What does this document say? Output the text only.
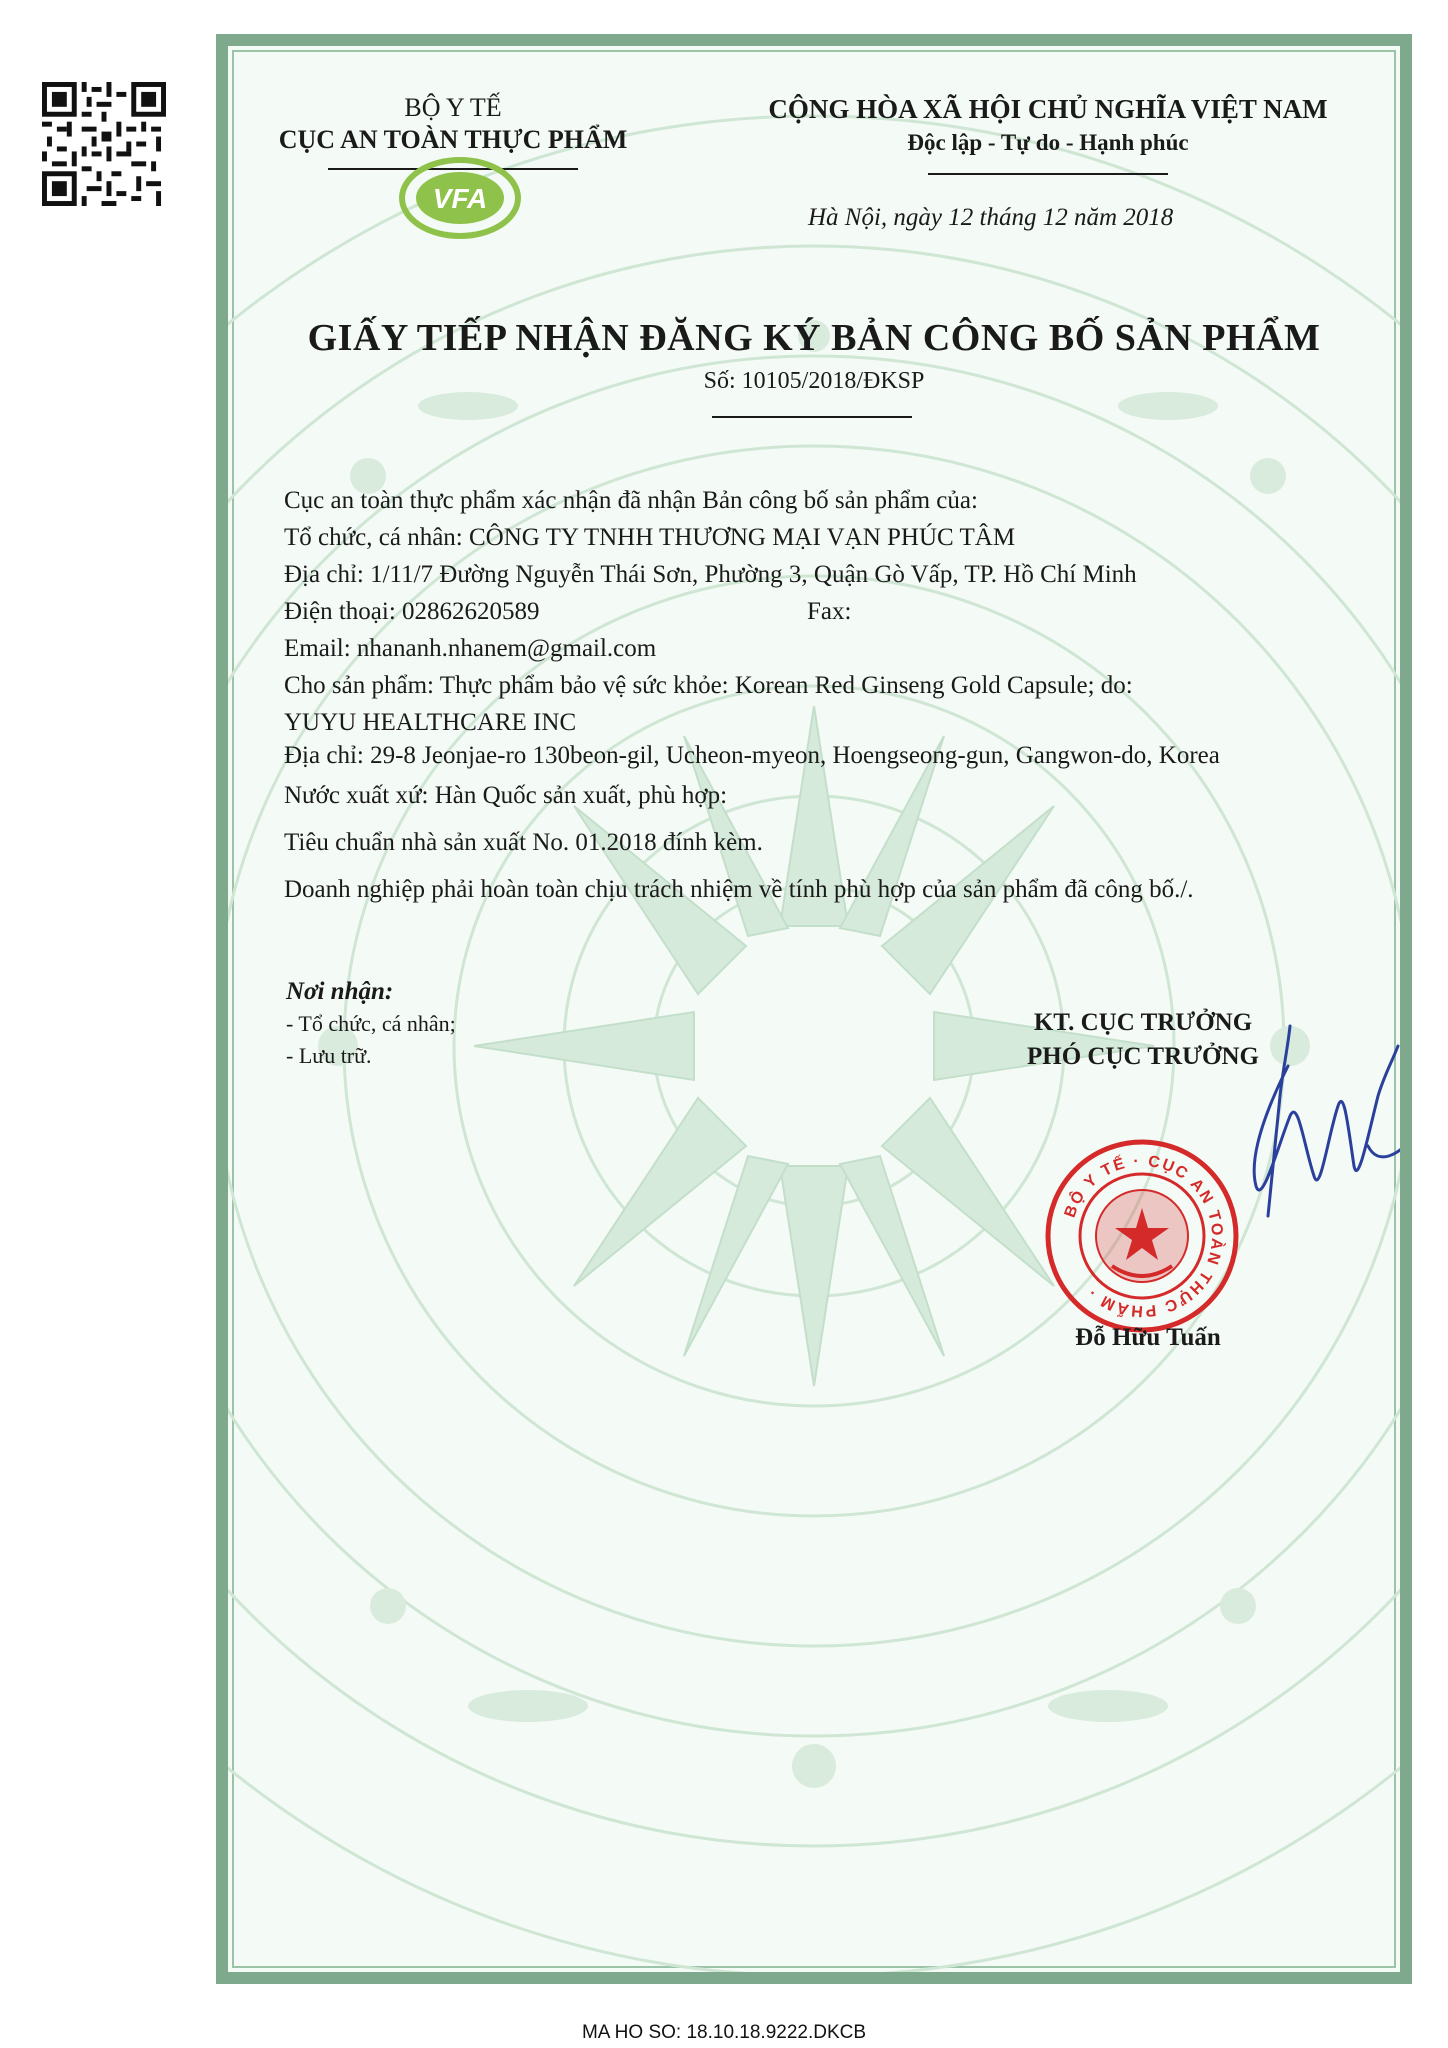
BỘ Y TẾ
CỤC AN TOÀN THỰC PHẨM
VFA
CỘNG HÒA XÃ HỘI CHỦ NGHĨA VIỆT NAM
Độc lập - Tự do - Hạnh phúc
Hà Nội, ngày 12 tháng 12 năm 2018
GIẤY TIẾP NHẬN ĐĂNG KÝ BẢN CÔNG BỐ SẢN PHẨM
Số: 10105/2018/ĐKSP
Cục an toàn thực phẩm xác nhận đã nhận Bản công bố sản phẩm của:
Tổ chức, cá nhân: CÔNG TY TNHH THƯƠNG MẠI VẠN PHÚC TÂM
Địa chỉ: 1/11/7 Đường Nguyễn Thái Sơn, Phường 3, Quận Gò Vấp, TP. Hồ Chí Minh
Điện thoại: 02862620589	Fax:
Email: nhananh.nhanem@gmail.com
Cho sản phẩm: Thực phẩm bảo vệ sức khỏe: Korean Red Ginseng Gold Capsule; do:
YUYU HEALTHCARE INC
Địa chỉ: 29-8 Jeonjae-ro 130beon-gil, Ucheon-myeon, Hoengseong-gun, Gangwon-do, Korea
Nước xuất xứ: Hàn Quốc sản xuất, phù hợp:
Tiêu chuẩn nhà sản xuất No. 01.2018 đính kèm.
Doanh nghiệp phải hoàn toàn chịu trách nhiệm về tính phù hợp của sản phẩm đã công bố./.
Nơi nhận:
- Tổ chức, cá nhân;
- Lưu trữ.
KT. CỤC TRƯỞNG
PHÓ CỤC TRƯỞNG
BỘ Y TẾ · CỤC AN TOÀN THỰC PHẨM ·
Đỗ Hữu Tuấn
MA HO SO: 18.10.18.9222.DKCB
